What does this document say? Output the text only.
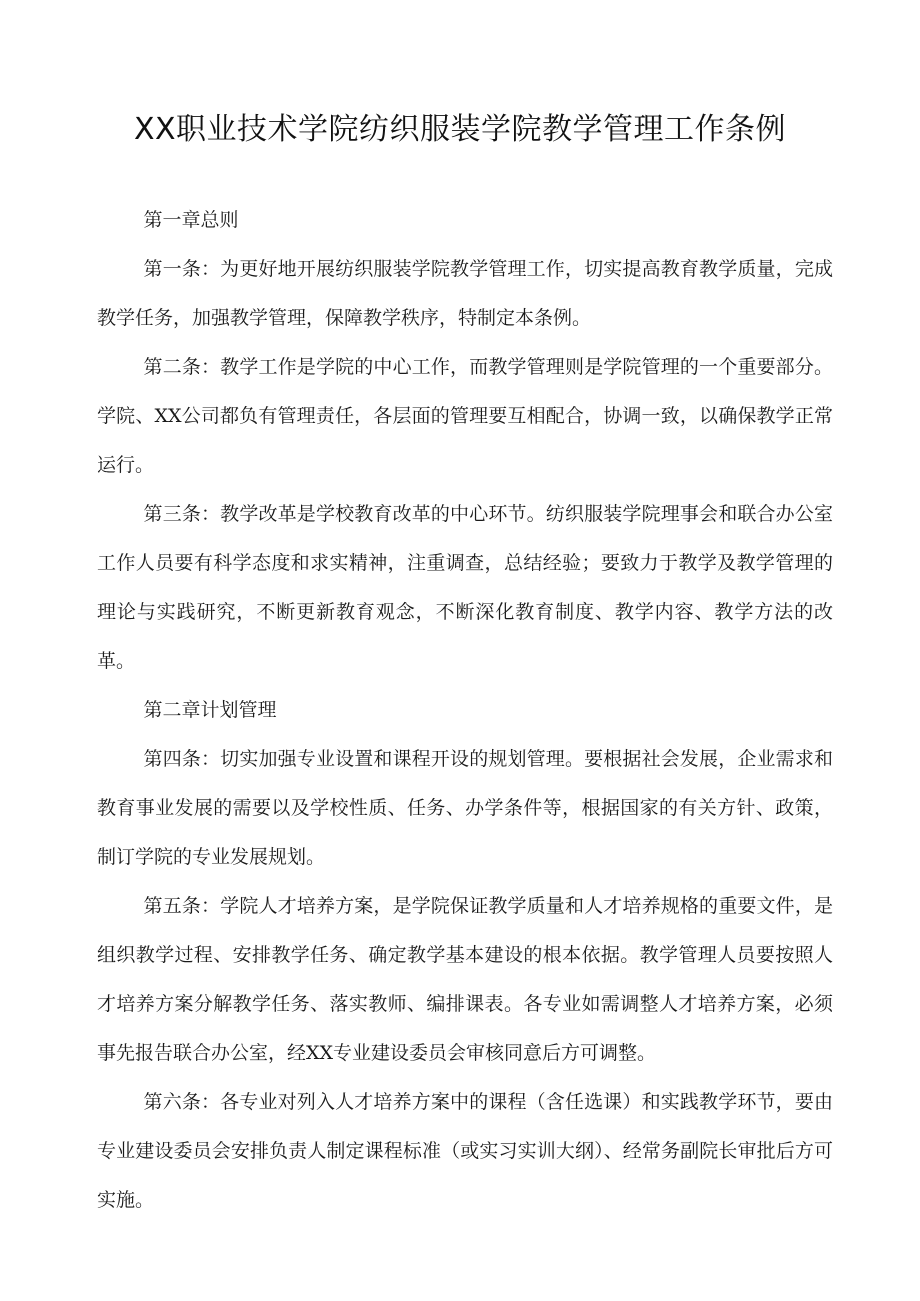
XX职业技术学院纺织服装学院教学管理工作条例

第一章总则

第一条：为更好地开展纺织服装学院教学管理工作，切实提高教育教学质量，完成教学任务，加强教学管理，保障教学秩序，特制定本条例。

第二条：教学工作是学院的中心工作，而教学管理则是学院管理的一个重要部分。学院、XX公司都负有管理责任，各层面的管理要互相配合，协调一致，以确保教学正常运行。

第三条：教学改革是学校教育改革的中心环节。纺织服装学院理事会和联合办公室工作人员要有科学态度和求实精神，注重调查，总结经验；要致力于教学及教学管理的理论与实践研究，不断更新教育观念，不断深化教育制度、教学内容、教学方法的改革。

第二章计划管理

第四条：切实加强专业设置和课程开设的规划管理。要根据社会发展，企业需求和教育事业发展的需要以及学校性质、任务、办学条件等，根据国家的有关方针、政策，制订学院的专业发展规划。

第五条：学院人才培养方案，是学院保证教学质量和人才培养规格的重要文件，是组织教学过程、安排教学任务、确定教学基本建设的根本依据。教学管理人员要按照人才培养方案分解教学任务、落实教师、编排课表。各专业如需调整人才培养方案，必须事先报告联合办公室，经XX专业建设委员会审核同意后方可调整。

第六条：各专业对列入人才培养方案中的课程（含任选课）和实践教学环节，要由专业建设委员会安排负责人制定课程标准（或实习实训大纲）、经常务副院长审批后方可实施。
